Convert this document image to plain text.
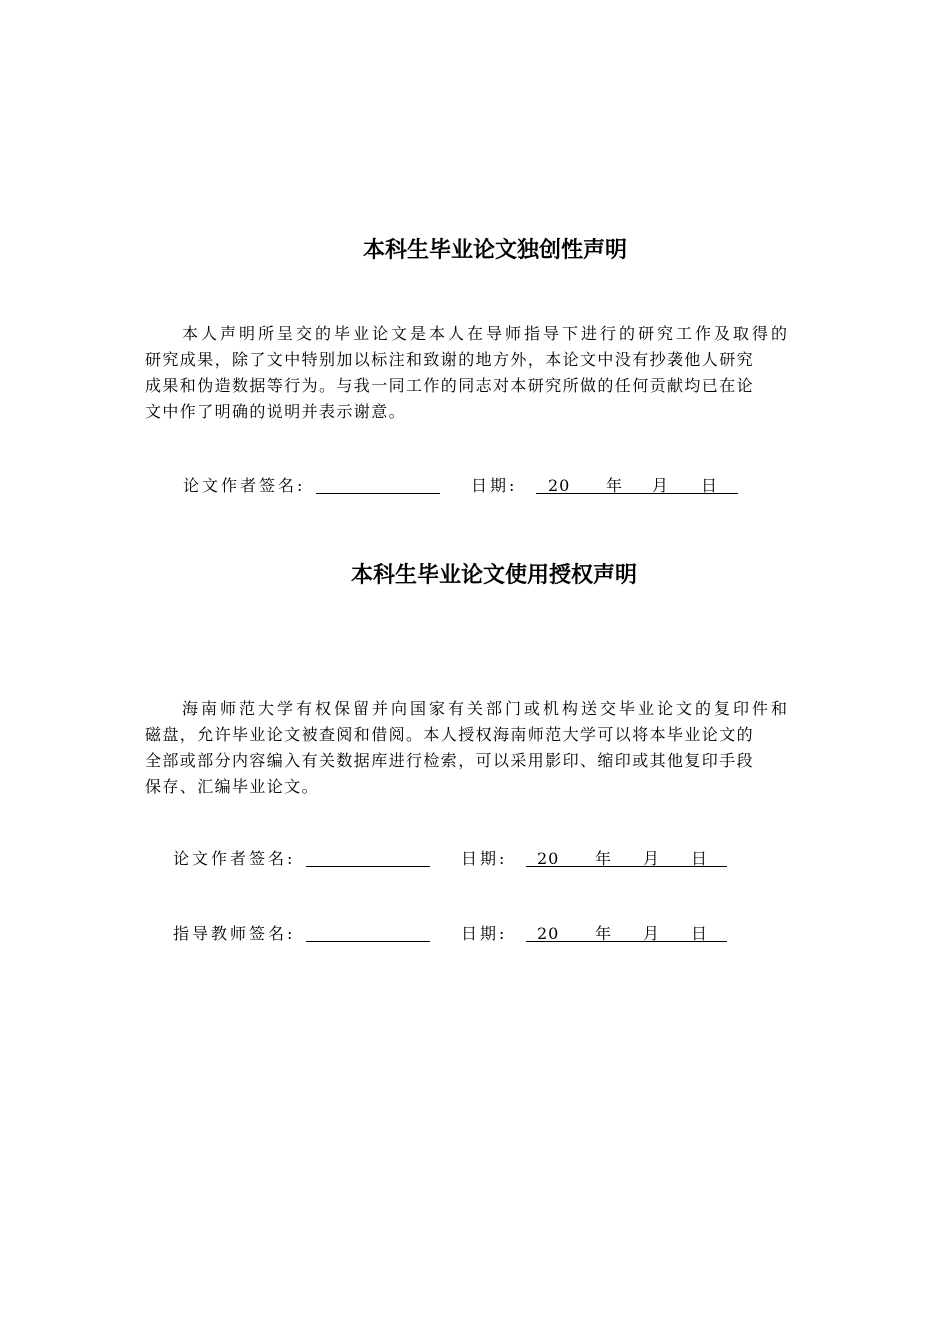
本科生毕业论文独创性声明
本人声明所呈交的毕业论文是本人在导师指导下进行的研究工作及取得的
研究成果，除了文中特别加以标注和致谢的地方外，本论文中没有抄袭他人研究
成果和伪造数据等行为。与我一同工作的同志对本研究所做的任何贡献均已在论
文中作了明确的说明并表示谢意。
论文作者签名:	日期: 20 年 月 日
本科生毕业论文使用授权声明
海南师范大学有权保留并向国家有关部门或机构送交毕业论文的复印件和
磁盘，允许毕业论文被查阅和借阅。本人授权海南师范大学可以将本毕业论文的
全部或部分内容编入有关数据库进行检索，可以采用影印、缩印或其他复印手段
保存、汇编毕业论文。
论文作者签名:	日期: 20 年 月 日
指导教师签名:	日期: 20 年 月 日
